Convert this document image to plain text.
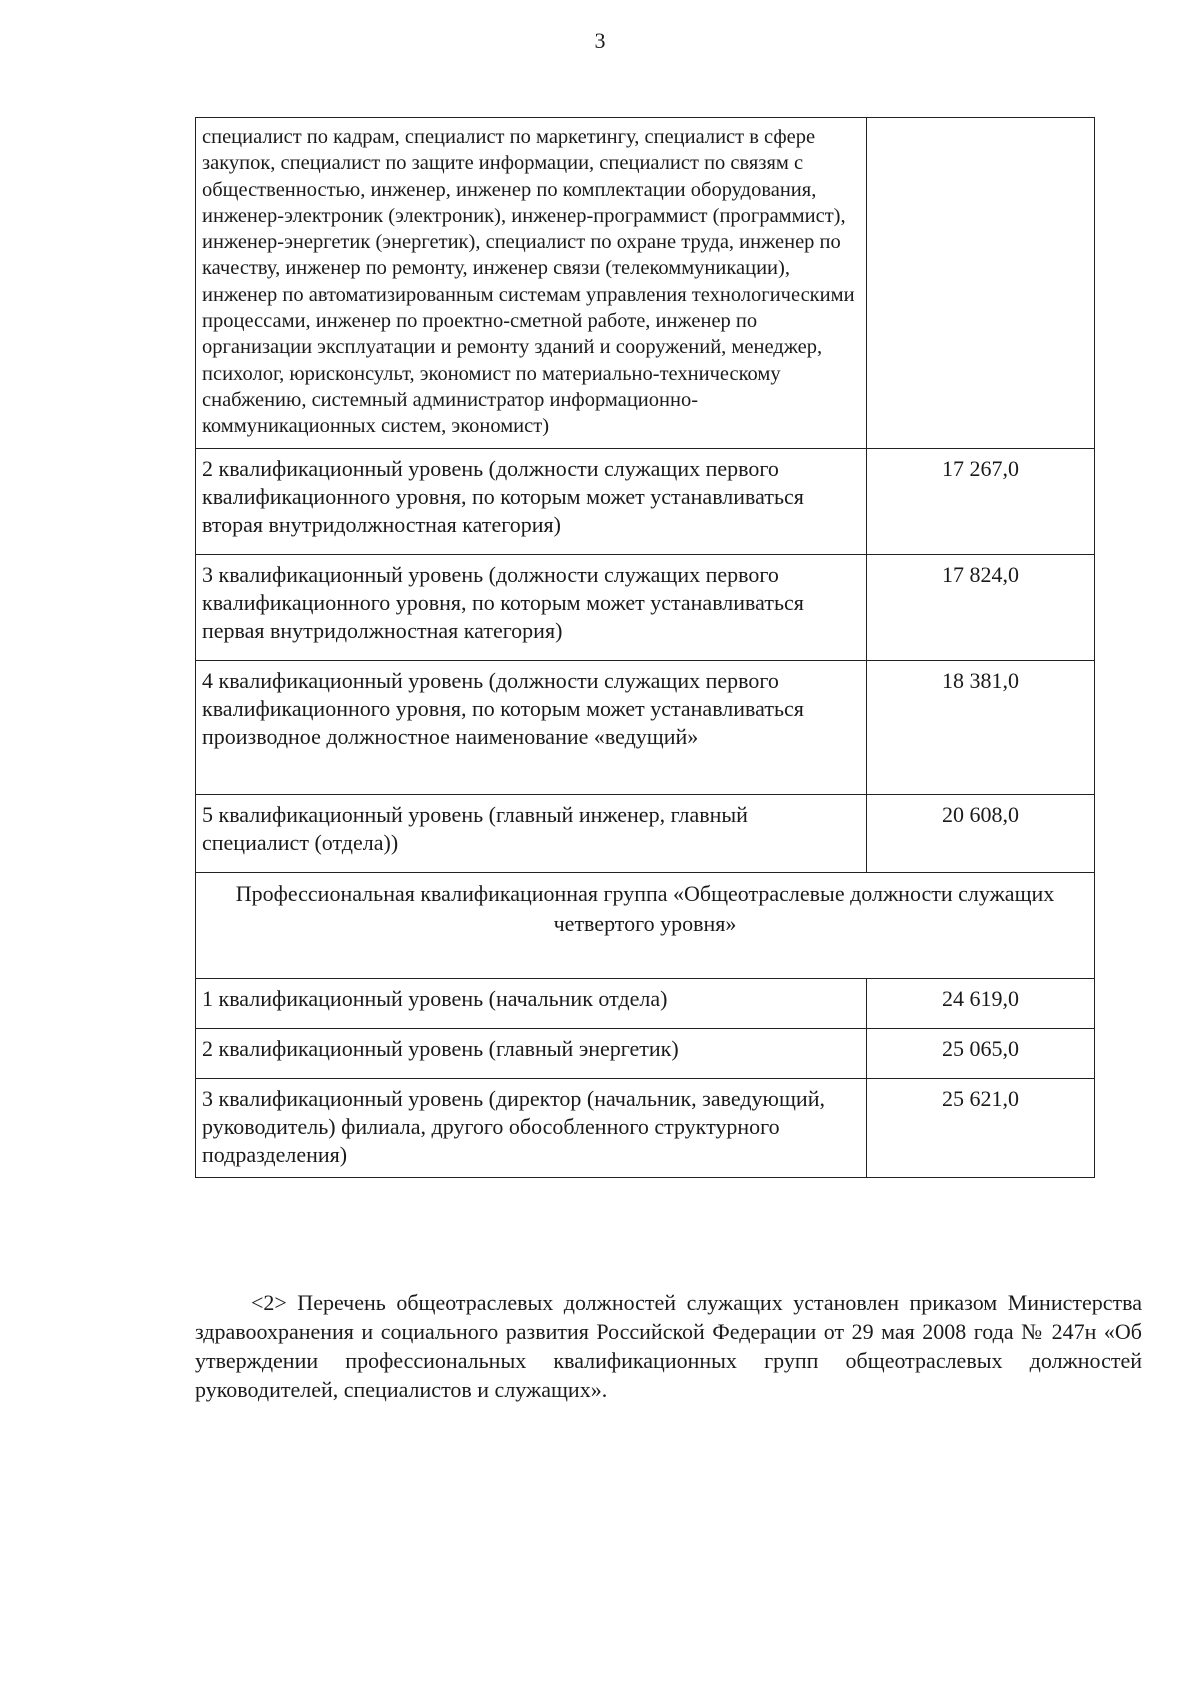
3
специалист по кадрам, специалист по маркетингу, специалист в сфере закупок, специалист по защите информации, специалист по связям с общественностью, инженер, инженер по комплектации оборудования, инженер-электроник (электроник), инженер-программист (программист), инженер-энергетик (энергетик), специалист по охране труда, инженер по качеству, инженер по ремонту, инженер связи (телекоммуникации), инженер по автоматизированным системам управления технологическими процессами, инженер по проектно-сметной работе, инженер по организации эксплуатации и ремонту зданий и сооружений, менеджер, психолог, юрисконсульт, экономист по материально-техническому снабжению, системный администратор информационно-коммуникационных систем, экономист)	
2 квалификационный уровень (должности служащих первого квалификационного уровня, по которым может устанавливаться вторая внутридолжностная категория)	17 267,0
3 квалификационный уровень (должности служащих первого квалификационного уровня, по которым может устанавливаться первая внутридолжностная категория)	17 824,0
4 квалификационный уровень (должности служащих первого квалификационного уровня, по которым может устанавливаться производное должностное наименование «ведущий»	18 381,0
5 квалификационный уровень (главный инженер, главный специалист (отдела))	20 608,0
Профессиональная квалификационная группа «Общеотраслевые должности служащих четвертого уровня»	
1 квалификационный уровень (начальник отдела)	24 619,0
2 квалификационный уровень (главный энергетик)	25 065,0
3 квалификационный уровень (директор (начальник, заведующий, руководитель) филиала, другого обособленного структурного подразделения)	25 621,0

<2> Перечень общеотраслевых должностей служащих установлен приказом Министерства здравоохранения и социального развития Российской Федерации от 29 мая 2008 года № 247н «Об утверждении профессиональных квалификационных групп общеотраслевых должностей руководителей, специалистов и служащих».
